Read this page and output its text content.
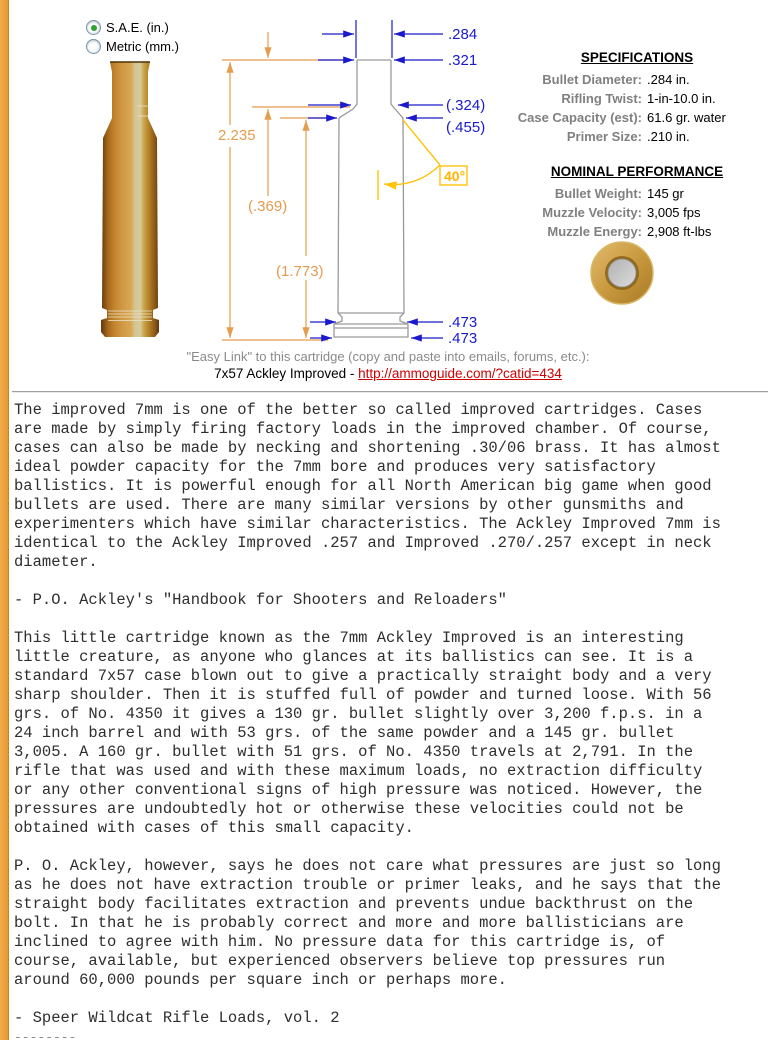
S.A.E. (in.)
Metric (mm.)
2.235
(.369)
(1.773)
.284
.321
(.324)
(.455)
.473
.473
40°
SPECIFICATIONS
Bullet Diameter: .284 in.
Rifling Twist: 1-in-10.0 in.
Case Capacity (est): 61.6 gr. water
Primer Size: .210 in.
NOMINAL PERFORMANCE
Bullet Weight: 145 gr
Muzzle Velocity: 3,005 fps
Muzzle Energy: 2,908 ft-lbs
"Easy Link" to this cartridge (copy and paste into emails, forums, etc.):
7x57 Ackley Improved - http://ammoguide.com/?catid=434
The improved 7mm is one of the better so called improved cartridges. Cases
are made by simply firing factory loads in the improved chamber. Of course,
cases can also be made by necking and shortening .30/06 brass. It has almost
ideal powder capacity for the 7mm bore and produces very satisfactory
ballistics. It is powerful enough for all North American big game when good
bullets are used. There are many similar versions by other gunsmiths and
experimenters which have similar characteristics. The Ackley Improved 7mm is
identical to the Ackley Improved .257 and Improved .270/.257 except in neck
diameter.
- P.O. Ackley's "Handbook for Shooters and Reloaders"
This little cartridge known as the 7mm Ackley Improved is an interesting
little creature, as anyone who glances at its ballistics can see. It is a
standard 7x57 case blown out to give a practically straight body and a very
sharp shoulder. Then it is stuffed full of powder and turned loose. With 56
grs. of No. 4350 it gives a 130 gr. bullet slightly over 3,200 f.p.s. in a
24 inch barrel and with 53 grs. of the same powder and a 145 gr. bullet
3,005. A 160 gr. bullet with 51 grs. of No. 4350 travels at 2,791. In the
rifle that was used and with these maximum loads, no extraction difficulty
or any other conventional signs of high pressure was noticed. However, the
pressures are undoubtedly hot or otherwise these velocities could not be
obtained with cases of this small capacity.
P. O. Ackley, however, says he does not care what pressures are just so long
as he does not have extraction trouble or primer leaks, and he says that the
straight body facilitates extraction and prevents undue backthrust on the
bolt. In that he is probably correct and more and more ballisticians are
inclined to agree with him. No pressure data for this cartridge is, of
course, available, but experienced observers believe top pressures run
around 60,000 pounds per square inch or perhaps more.
- Speer Wildcat Rifle Loads, vol. 2
--------
